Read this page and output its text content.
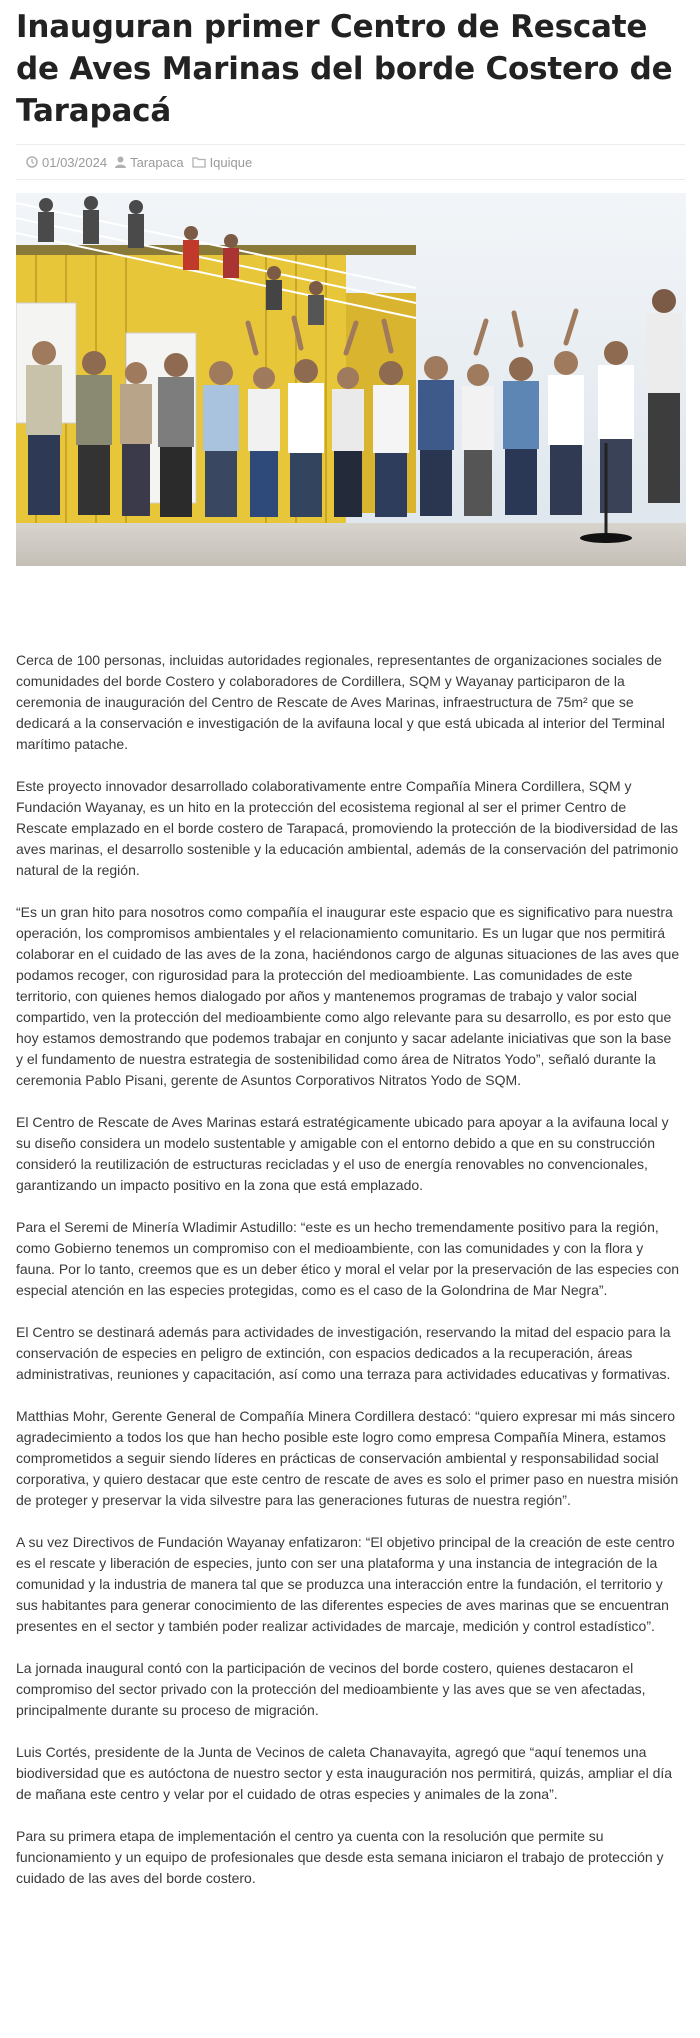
Inauguran primer Centro de Rescate de Aves Marinas del borde Costero de Tarapacá
01/03/2024 Tarapaca Iquique

Cerca de 100 personas, incluidas autoridades regionales, representantes de organizaciones sociales de comunidades del borde Costero y colaboradores de Cordillera, SQM y Wayanay participaron de la ceremonia de inauguración del Centro de Rescate de Aves Marinas, infraestructura de 75m² que se dedicará a la conservación e investigación de la avifauna local y que está ubicada al interior del Terminal marítimo patache.

Este proyecto innovador desarrollado colaborativamente entre Compañía Minera Cordillera, SQM y Fundación Wayanay, es un hito en la protección del ecosistema regional al ser el primer Centro de Rescate emplazado en el borde costero de Tarapacá, promoviendo la protección de la biodiversidad de las aves marinas, el desarrollo sostenible y la educación ambiental, además de la conservación del patrimonio natural de la región.

“Es un gran hito para nosotros como compañía el inaugurar este espacio que es significativo para nuestra operación, los compromisos ambientales y el relacionamiento comunitario. Es un lugar que nos permitirá colaborar en el cuidado de las aves de la zona, haciéndonos cargo de algunas situaciones de las aves que podamos recoger, con rigurosidad para la protección del medioambiente. Las comunidades de este territorio, con quienes hemos dialogado por años y mantenemos programas de trabajo y valor social compartido, ven la protección del medioambiente como algo relevante para su desarrollo, es por esto que hoy estamos demostrando que podemos trabajar en conjunto y sacar adelante iniciativas que son la base y el fundamento de nuestra estrategia de sostenibilidad como área de Nitratos Yodo”, señaló durante la ceremonia Pablo Pisani, gerente de Asuntos Corporativos Nitratos Yodo de SQM.

El Centro de Rescate de Aves Marinas estará estratégicamente ubicado para apoyar a la avifauna local y su diseño considera un modelo sustentable y amigable con el entorno debido a que en su construcción consideró la reutilización de estructuras recicladas y el uso de energía renovables no convencionales, garantizando un impacto positivo en la zona que está emplazado.

Para el Seremi de Minería Wladimir Astudillo: “este es un hecho tremendamente positivo para la región, como Gobierno tenemos un compromiso con el medioambiente, con las comunidades y con la flora y fauna. Por lo tanto, creemos que es un deber ético y moral el velar por la preservación de las especies con especial atención en las especies protegidas, como es el caso de la Golondrina de Mar Negra”.

El Centro se destinará además para actividades de investigación, reservando la mitad del espacio para la conservación de especies en peligro de extinción, con espacios dedicados a la recuperación, áreas administrativas, reuniones y capacitación, así como una terraza para actividades educativas y formativas.

Matthias Mohr, Gerente General de Compañía Minera Cordillera destacó: “quiero expresar mi más sincero agradecimiento a todos los que han hecho posible este logro como empresa Compañía Minera, estamos comprometidos a seguir siendo líderes en prácticas de conservación ambiental y responsabilidad social corporativa, y quiero destacar que este centro de rescate de aves es solo el primer paso en nuestra misión de proteger y preservar la vida silvestre para las generaciones futuras de nuestra región”.

A su vez Directivos de Fundación Wayanay enfatizaron: “El objetivo principal de la creación de este centro es el rescate y liberación de especies, junto con ser una plataforma y una instancia de integración de la comunidad y la industria de manera tal que se produzca una interacción entre la fundación, el territorio y sus habitantes para generar conocimiento de las diferentes especies de aves marinas que se encuentran presentes en el sector y también poder realizar actividades de marcaje, medición y control estadístico”.

La jornada inaugural contó con la participación de vecinos del borde costero, quienes destacaron el compromiso del sector privado con la protección del medioambiente y las aves que se ven afectadas, principalmente durante su proceso de migración.

Luis Cortés, presidente de la Junta de Vecinos de caleta Chanavayita, agregó que “aquí tenemos una biodiversidad que es autóctona de nuestro sector y esta inauguración nos permitirá, quizás, ampliar el día de mañana este centro y velar por el cuidado de otras especies y animales de la zona”.

Para su primera etapa de implementación el centro ya cuenta con la resolución que permite su funcionamiento y un equipo de profesionales que desde esta semana iniciaron el trabajo de protección y cuidado de las aves del borde costero.
